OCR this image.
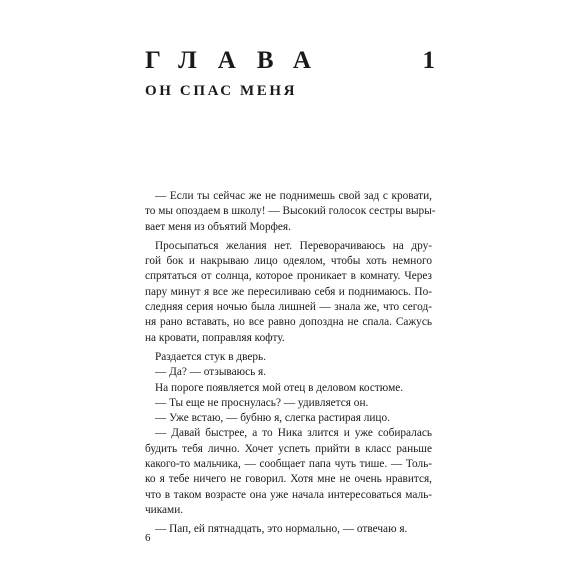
ГЛАВА	1
ОН СПАС МЕНЯ
— Если ты сейчас же не поднимешь свой зад с кровати,
то мы опоздаем в школу! — Высокий голосок сестры выры-
вает меня из объятий Морфея.
Просыпаться желания нет. Переворачиваюсь на дру-
гой бок и накрываю лицо одеялом, чтобы хоть немного
спрятаться от солнца, которое проникает в комнату. Через
пару минут я все же пересиливаю себя и поднимаюсь. По-
следняя серия ночью была лишней — знала же, что сегод-
ня рано вставать, но все равно допоздна не спала. Сажусь
на кровати, поправляя кофту.
Раздается стук в дверь.
— Да? — отзываюсь я.
На пороге появляется мой отец в деловом костюме.
— Ты еще не проснулась? — удивляется он.
— Уже встаю, — бубню я, слегка растирая лицо.
— Давай быстрее, а то Ника злится и уже собиралась
будить тебя лично. Хочет успеть прийти в класс раньше
какого-то мальчика, — сообщает папа чуть тише. — Толь-
ко я тебе ничего не говорил. Хотя мне не очень нравится,
что в таком возрасте она уже начала интересоваться маль-
чиками.
— Пап, ей пятнадцать, это нормально, — отвечаю я.
6
